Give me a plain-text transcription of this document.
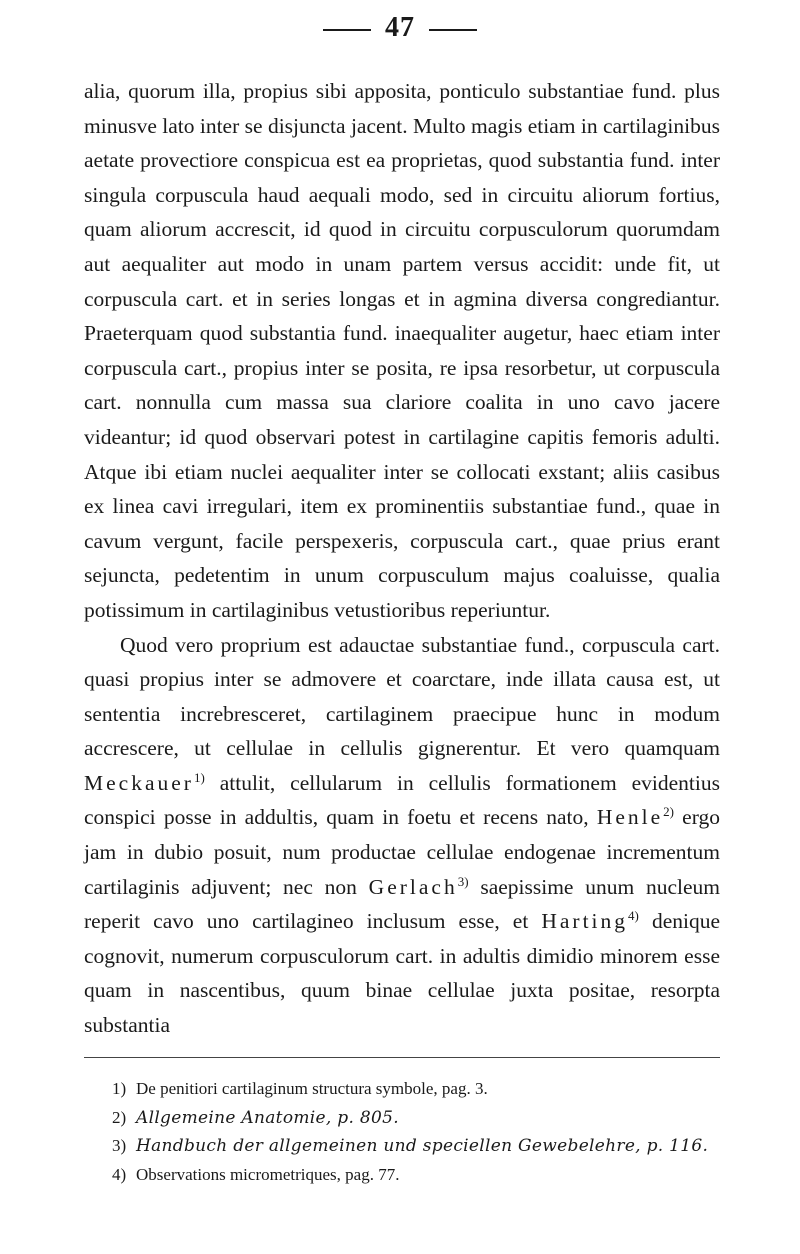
47

alia, quorum illa, propius sibi apposita, ponticulo substantiae fund. plus minusve lato inter se disjuncta jacent. Multo magis etiam in cartilaginibus aetate provectiore conspicua est ea proprietas, quod substantia fund. inter singula corpuscula haud aequali modo, sed in circuitu aliorum fortius, quam aliorum accrescit, id quod in circuitu corpusculorum quorumdam aut aequaliter aut modo in unam partem versus accidit: unde fit, ut corpuscula cart. et in series longas et in agmina diversa congrediantur. Praeterquam quod substantia fund. inaequaliter augetur, haec etiam inter corpuscula cart., propius inter se posita, re ipsa resorbetur, ut corpuscula cart. nonnulla cum massa sua clariore coalita in uno cavo jacere videantur; id quod observari potest in cartilagine capitis femoris adulti. Atque ibi etiam nuclei aequaliter inter se collocati exstant; aliis casibus ex linea cavi irregulari, item ex prominentiis substantiae fund., quae in cavum vergunt, facile perspexeris, corpuscula cart., quae prius erant sejuncta, pedetentim in unum corpusculum majus coaluisse, qualia potissimum in cartilaginibus vetustioribus reperiuntur.

Quod vero proprium est adauctae substantiae fund., corpuscula cart. quasi propius inter se admovere et coarctare, inde illata causa est, ut sententia increbresceret, cartilaginem praecipue hunc in modum accrescere, ut cellulae in cellulis gignerentur. Et vero quamquam Meckauer$^{1)}$ attulit, cellularum in cellulis formationem evidentius conspici posse in addultis, quam in foetu et recens nato, Henle$^{2)}$ ergo jam in dubio posuit, num productae cellulae endogenae incrementum cartilaginis adjuvent; nec non Gerlach$^{3)}$ saepissime unum nucleum reperit cavo uno cartilagineo inclusum esse, et Harting$^{4)}$ denique cognovit, numerum corpusculorum cart. in adultis dimidio minorem esse quam in nascentibus, quum binae cellulae juxta positae, resorpta substantia

1) De penitiori cartilaginum structura symbole, pag. 3.
2) Allgemeine Anatomie, p. 805.
3) Handbuch der allgemeinen und speciellen Gewebelehre, p. 116.
4) Observations micrometriques, pag. 77.
